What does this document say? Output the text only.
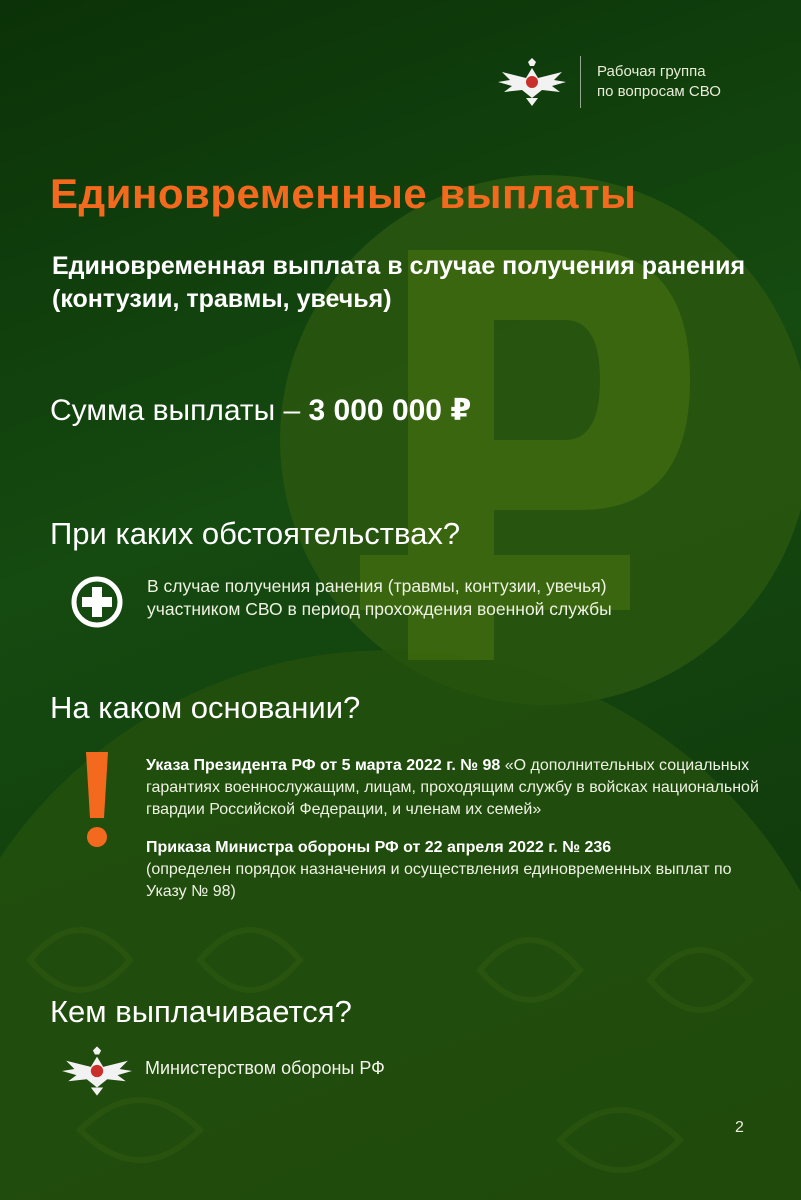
Рабочая группа
по вопросам СВО
Единовременные выплаты
Единовременная выплата в случае получения ранения (контузии, травмы, увечья)

Сумма выплаты – 3 000 000 ₽

При каких обстоятельствах?
В случае получения ранения (травмы, контузии, увечья)
участником СВО в период прохождения военной службы
На каком основании?

Указа Президента РФ от 5 марта 2022 г. № 98 «О дополнительных социальных гарантиях военнослужащим, лицам, проходящим службу в войсках национальной гвардии Российской Федерации, и членам их семей»

Приказа Министра обороны РФ от 22 апреля 2022 г. № 236
(определен порядок назначения и осуществления единовременных выплат по Указу № 98)

Кем выплачивается?
Министерством обороны РФ
2
